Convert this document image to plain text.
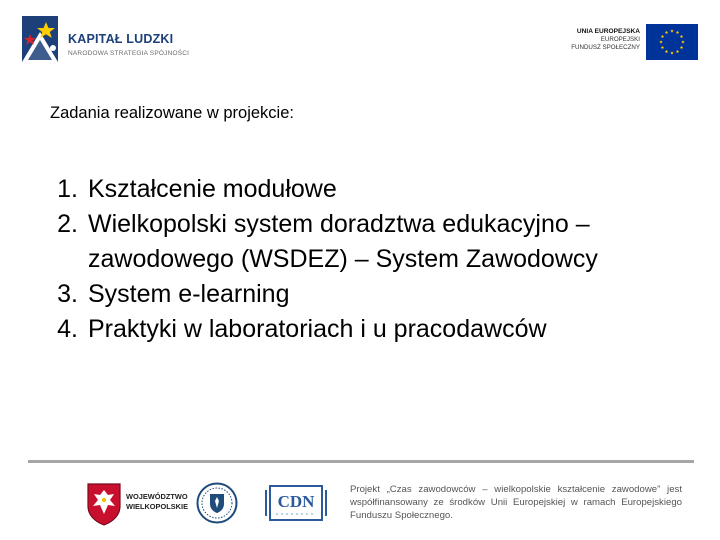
KAPITAŁ LUDZKI
NARODOWA STRATEGIA SPÓJNOŚCI
UNIA EUROPEJSKA
EUROPEJSKI
FUNDUSZ SPOŁECZNY
Zadania realizowane w projekcie:
1. Kształcenie modułowe
2. Wielkopolski system doradztwa edukacyjno – zawodowego (WSDEZ) – System Zawodowcy
3. System e-learning
4. Praktyki w laboratoriach i u pracodawców
WOJEWÓDZTWO
WIELKOPOLSKIE	CDN
Projekt „Czas zawodowców – wielkopolskie kształcenie zawodowe” jest współfinansowany ze środków Unii Europejskiej w ramach Europejskiego Funduszu Społecznego.
